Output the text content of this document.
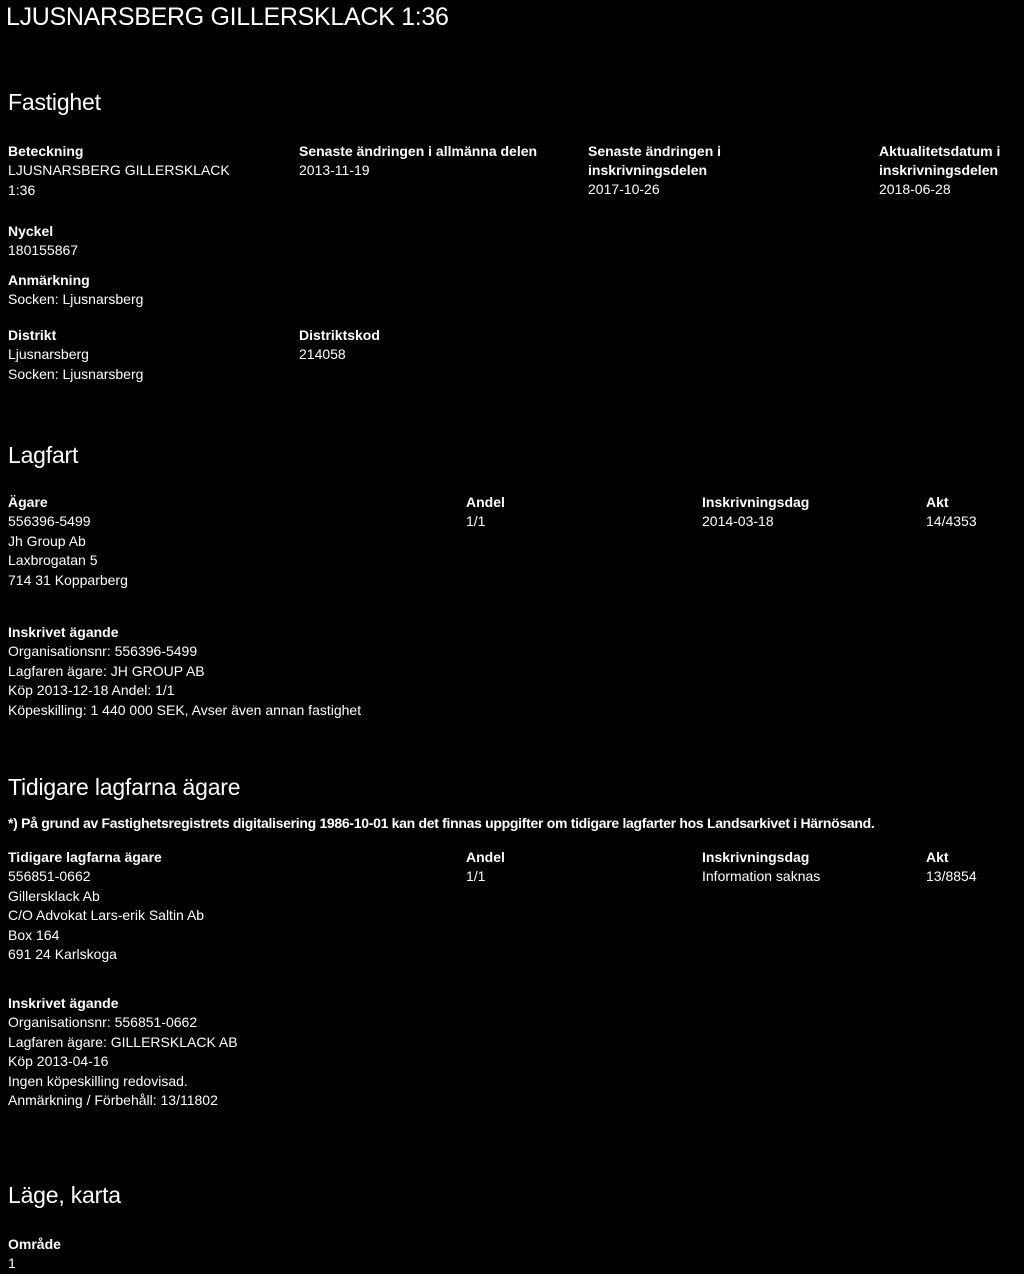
LJUSNARSBERG GILLERSKLACK 1:36
Fastighet
Beteckning
LJUSNARSBERG GILLERSKLACK
1:36
Senaste ändringen i allmänna delen
2013-11-19
Senaste ändringen i
inskrivningsdelen
2017-10-26
Aktualitetsdatum i
inskrivningsdelen
2018-06-28
Nyckel
180155867
Anmärkning
Socken: Ljusnarsberg
Distrikt
Ljusnarsberg
Socken: Ljusnarsberg
Distriktskod
214058
Lagfart
Ägare
556396-5499
Jh Group Ab
Laxbrogatan 5
714 31 Kopparberg
Andel
1/1
Inskrivningsdag
2014-03-18
Akt
14/4353
Inskrivet ägande
Organisationsnr: 556396-5499
Lagfaren ägare: JH GROUP AB
Köp 2013-12-18 Andel: 1/1
Köpeskilling: 1 440 000 SEK, Avser även annan fastighet
Tidigare lagfarna ägare
*) På grund av Fastighetsregistrets digitalisering 1986-10-01 kan det finnas uppgifter om tidigare lagfarter hos Landsarkivet i Härnösand.
Tidigare lagfarna ägare
556851-0662
Gillersklack Ab
C/O Advokat Lars-erik Saltin Ab
Box 164
691 24 Karlskoga
Andel
1/1
Inskrivningsdag
Information saknas
Akt
13/8854
Inskrivet ägande
Organisationsnr: 556851-0662
Lagfaren ägare: GILLERSKLACK AB
Köp 2013-04-16
Ingen köpeskilling redovisad.
Anmärkning / Förbehåll: 13/11802
Läge, karta
Område
1
